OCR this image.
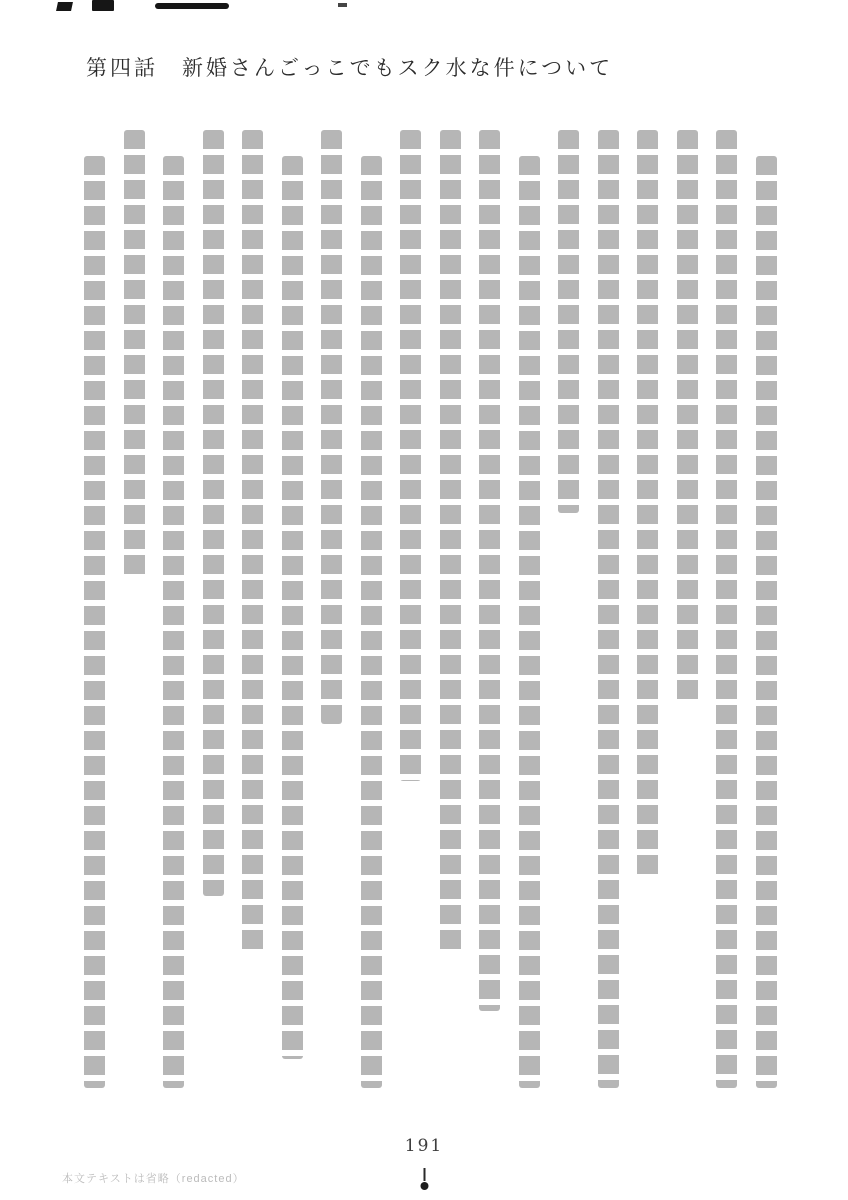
第四話　新婚さんごっこでもスク水な件について
本文テキストは省略（redacted）
191
